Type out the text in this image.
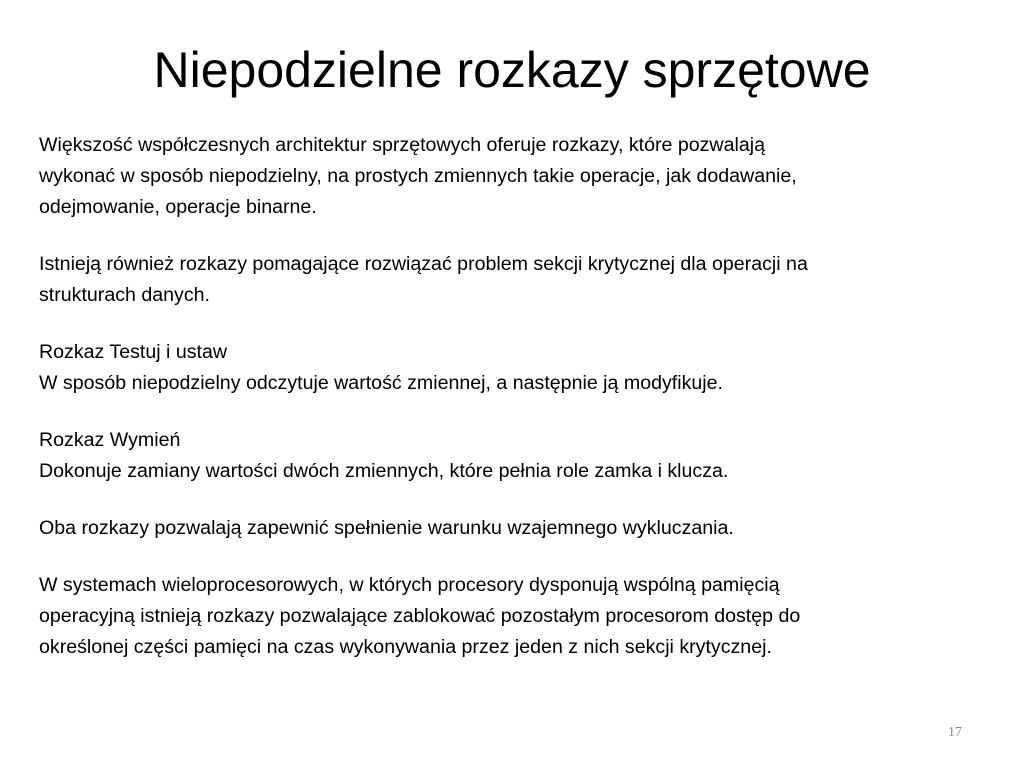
Niepodzielne rozkazy sprzętowe

Większość współczesnych architektur sprzętowych oferuje rozkazy, które pozwalają
wykonać w sposób niepodzielny, na prostych zmiennych takie operacje, jak dodawanie,
odejmowanie, operacje binarne.

Istnieją również rozkazy pomagające rozwiązać problem sekcji krytycznej dla operacji na
strukturach danych.

Rozkaz Testuj i ustaw
W sposób niepodzielny odczytuje wartość zmiennej, a następnie ją modyfikuje.

Rozkaz Wymień
Dokonuje zamiany wartości dwóch zmiennych, które pełnia role zamka i klucza.

Oba rozkazy pozwalają zapewnić spełnienie warunku wzajemnego wykluczania.

W systemach wieloprocesorowych, w których procesory dysponują wspólną pamięcią
operacyjną istnieją rozkazy pozwalające zablokować pozostałym procesorom dostęp do
określonej części pamięci na czas wykonywania przez jeden z nich sekcji krytycznej.

17
